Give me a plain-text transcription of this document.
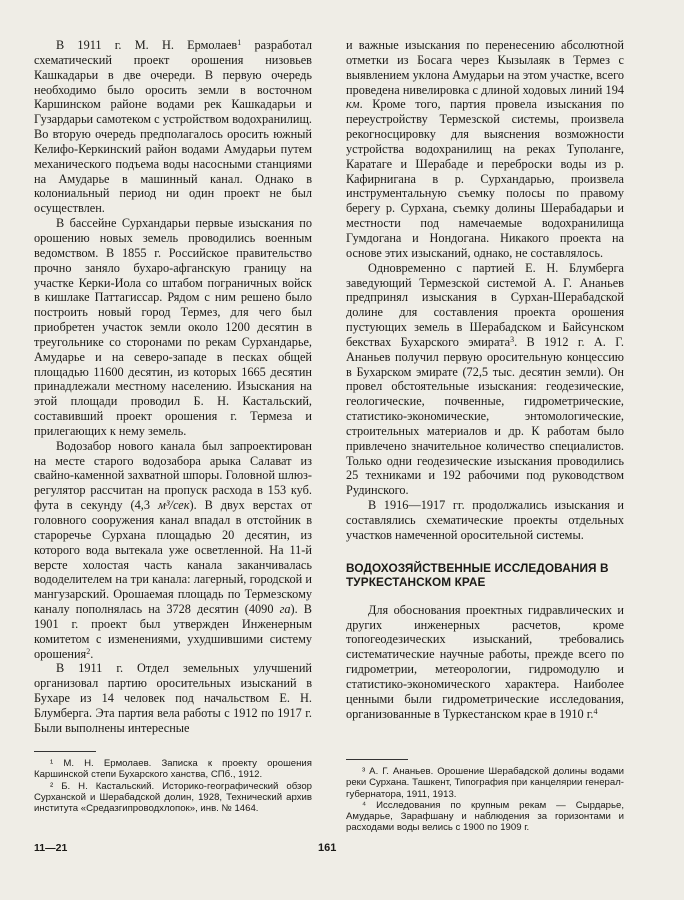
В 1911 г. М. Н. Ермолаев$^1$ разработал схематический проект орошения низовьев Кашкадарьи в две очереди. В первую очередь необходимо было оросить земли в восточном Каршинском районе водами рек Кашкадарьи и Гузардарьи самотеком с устройством водохранилищ. Во вторую очередь предполагалось оросить южный Келифо-Керкинский район водами Амударьи путем механического подъема воды насосными станциями на Амударье в машинный канал. Однако в колониальный период ни один проект не был осуществлен.

В бассейне Сурхандарьи первые изыскания по орошению новых земель проводились военным ведомством. В 1855 г. Российское правительство прочно заняло бухаро-афганскую границу на участке Керки-Иола со штабом пограничных войск в кишлаке Паттагиссар. Рядом с ним решено было построить новый город Термез, для чего был приобретен участок земли около 1200 десятин в треугольнике со сторонами по рекам Сурхандарье, Амударье и на северо-западе в песках общей площадью 11600 десятин, из которых 1665 десятин принадлежали местному населению. Изыскания на этой площади проводил Б. Н. Кастальский, составивший проект орошения г. Термеза и прилегающих к нему земель.

Водозабор нового канала был запроектирован на месте старого водозабора арыка Салават из свайно-каменной захватной шпоры. Головной шлюз-регулятор рассчитан на пропуск расхода в 153 куб. фута в секунду (4,3 м³/сек). В двух верстах от головного сооружения канал впадал в отстойник в староречье Сурхана площадью 20 десятин, из которого вода вытекала уже осветленной. На 11-й версте холостая часть канала заканчивалась вододелителем на три канала: лагерный, городской и мангузарский. Орошаемая площадь по Термезскому каналу пополнялась на 3728 десятин (4090 га). В 1901 г. проект был утвержден Инженерным комитетом с изменениями, ухудшившими систему орошения$^2$.

В 1911 г. Отдел земельных улучшений организовал партию оросительных изысканий в Бухаре из 14 человек под начальством Е. Н. Блумберга. Эта партия вела работы с 1912 по 1917 г. Были выполнены интересные

и важные изыскания по перенесению абсолютной отметки из Босага через Кызылаяк в Термез с выявлением уклона Амударьи на этом участке, всего проведена нивелировка с длиной ходовых линий 194 км. Кроме того, партия провела изыскания по переустройству Термезской системы, произвела рекогносцировку для выяснения возможности устройства водохранилищ на реках Туполанге, Каратаге и Шерабаде и переброски воды из р. Кафирнигана в р. Сурхандарью, произвела инструментальную съемку полосы по правому берегу р. Сурхана, съемку долины Шерабадарьи и местности под намечаемые водохранилища Гумдогана и Нондогана. Никакого проекта на основе этих изысканий, однако, не составлялось.

Одновременно с партией Е. Н. Блумберга заведующий Термезской системой А. Г. Ананьев предпринял изыскания в Сурхан-Шерабадской долине для составления проекта орошения пустующих земель в Шерабадском и Байсунском бекствах Бухарского эмирата$^3$. В 1912 г. А. Г. Ананьев получил первую оросительную концессию в Бухарском эмирате (72,5 тыс. десятин земли). Он провел обстоятельные изыскания: геодезические, геологические, почвенные, гидрометрические, статистико-экономические, энтомологические, строительных материалов и др. К работам было привлечено значительное количество специалистов. Только одни геодезические изыскания проводились 25 техниками и 192 рабочими под руководством Рудинского.

В 1916—1917 гг. продолжались изыскания и составлялись схематические проекты отдельных участков намеченной оросительной системы.

ВОДОХОЗЯЙСТВЕННЫЕ ИССЛЕДОВАНИЯ В ТУРКЕСТАНСКОМ КРАЕ

Для обоснования проектных гидравлических и других инженерных расчетов, кроме топогеодезических изысканий, требовались систематические научные работы, прежде всего по гидрометрии, метеорологии, гидромодулю и статистико-экономического характера. Наиболее ценными были гидрометрические исследования, организованные в Туркестанском крае в 1910 г.$^4$

¹ М. Н. Ермолаев. Записка к проекту орошения Каршинской степи Бухарского ханства, СПб., 1912.

² Б. Н. Кастальский. Историко-географический обзор Сурханской и Шерабадской долин, 1928, Технический архив института «Средазгипроводхлопок», инв. № 1464.

³ А. Г. Ананьев. Орошение Шерабадской долины водами реки Сурхана. Ташкент, Типография при канцелярии генерал-губернатора, 1911, 1913.

⁴ Исследования по крупным рекам — Сырдарье, Амударье, Зарафшану и наблюдения за горизонтами и расходами воды велись с 1900 по 1909 г.

11—21	161
